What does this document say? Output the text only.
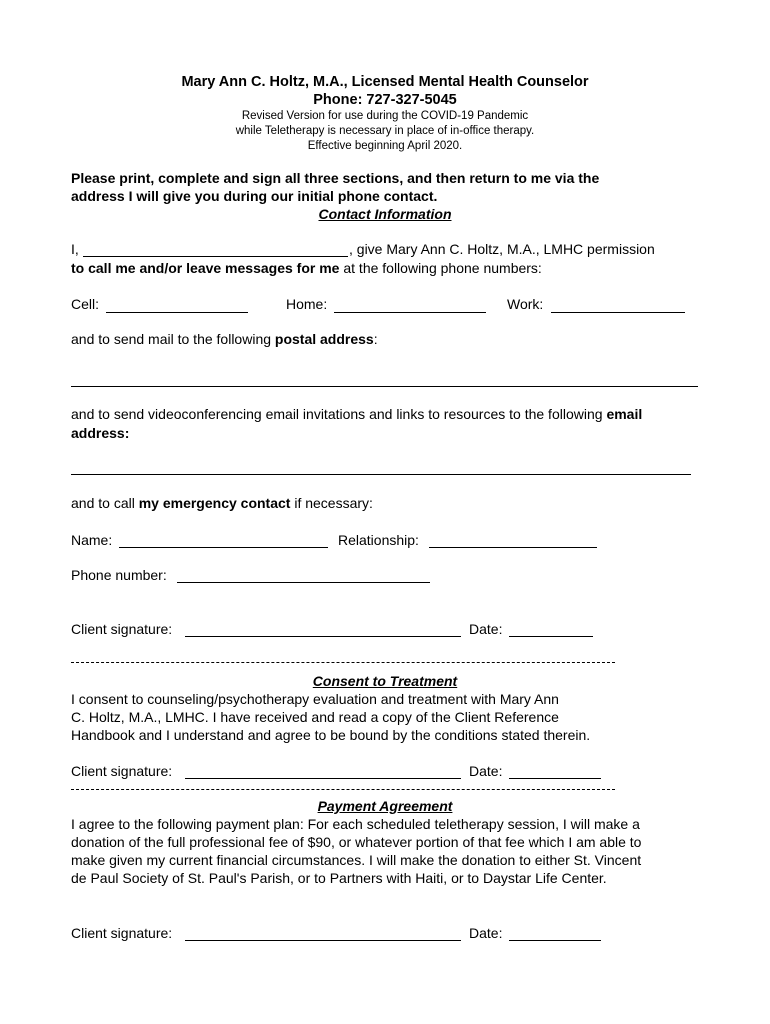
Mary Ann C. Holtz, M.A., Licensed Mental Health Counselor
Phone: 727-327-5045
Revised Version for use during the COVID-19 Pandemic
while Teletherapy is necessary in place of in-office therapy.
Effective beginning April 2020.
Please print, complete and sign all three sections, and then return to me via the
address I will give you during our initial phone contact.
Contact Information
I,	, give Mary Ann C. Holtz, M.A., LMHC permission
to call me and/or leave messages for me at the following phone numbers:
Cell:	Home:	Work:
and to send mail to the following postal address:
and to send videoconferencing email invitations and links to resources to the following email
address:
and to call my emergency contact if necessary:
Name:	Relationship:
Phone number:
Client signature:	Date:
Consent to Treatment
I consent to counseling/psychotherapy evaluation and treatment with Mary Ann
C. Holtz, M.A., LMHC. I have received and read a copy of the Client Reference
Handbook and I understand and agree to be bound by the conditions stated therein.
Client signature:	Date:
Payment Agreement
I agree to the following payment plan: For each scheduled teletherapy session, I will make a
donation of the full professional fee of $90, or whatever portion of that fee which I am able to
make given my current financial circumstances. I will make the donation to either St. Vincent
de Paul Society of St. Paul's Parish, or to Partners with Haiti, or to Daystar Life Center.
Client signature:	Date:
